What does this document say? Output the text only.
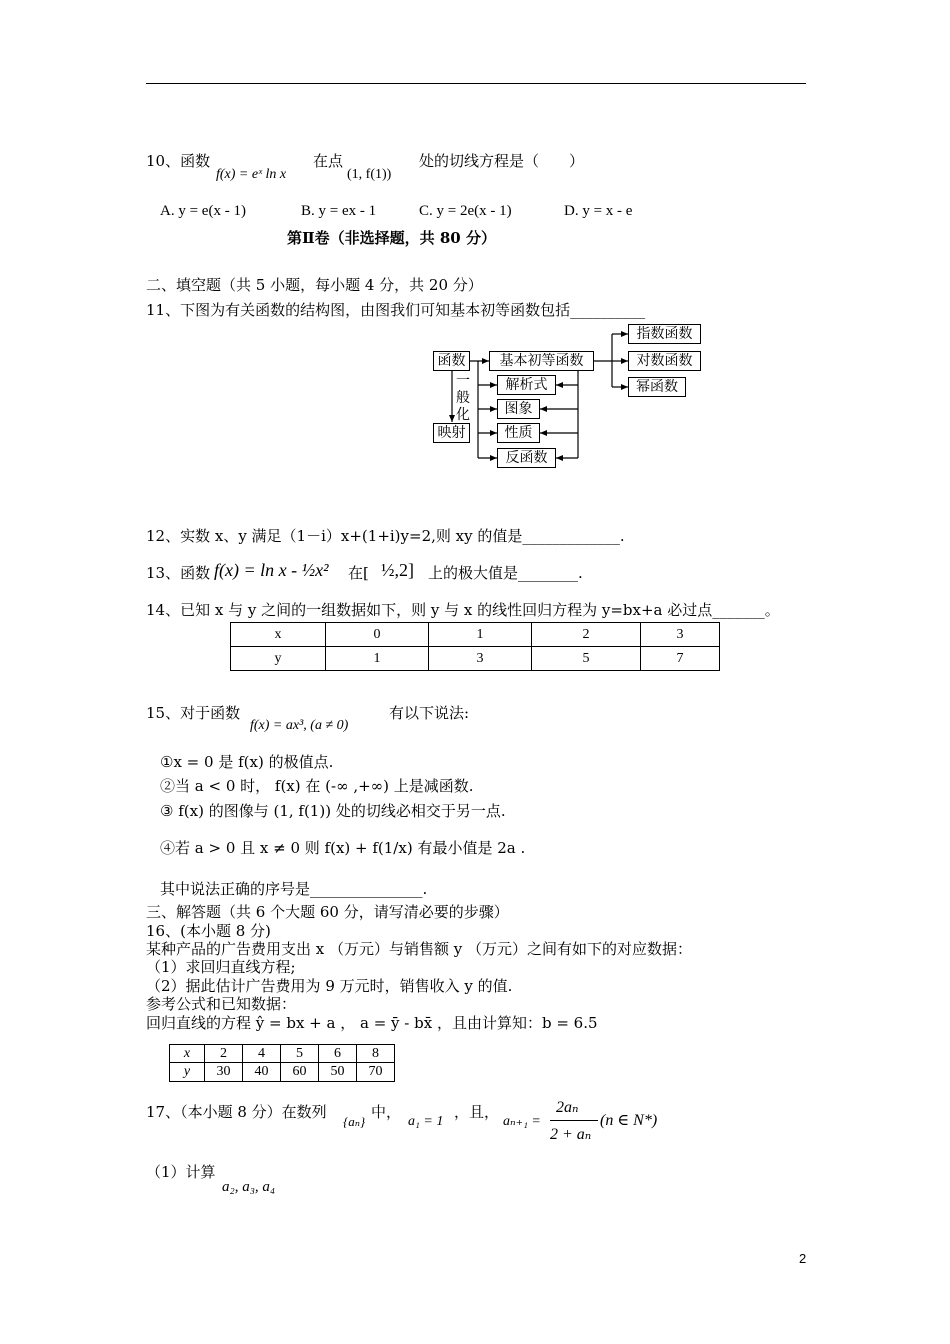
10、函数
f(x) = eˣ ln x
在点
(1, f(1))
处的切线方程是（　　）
A. y = e(x - 1)	B. y = ex - 1	C. y = 2e(x - 1)	D. y = x - e
第Ⅱ卷（非选择题，共 80 分）
二、填空题（共 5 小题，每小题 4 分，共 20 分）
11、下图为有关函数的结构图，由图我们可知基本初等函数包括__________
函数	基本初等函数
一般化
映射
解析式
图象
性质
反函数
指数函数
对数函数
幂函数
12、实数 x、y 满足（1－i）x+(1+i)y=2,则 xy 的值是_____________.
13、函数 f(x) = ln x - ½x² 在[ ½,2] 上的极大值是________.
14、已知 x 与 y 之间的一组数据如下，则 y 与 x 的线性回归方程为 y=bx+a 必过点_______。
x	0	1	2	3
y	1	3	5	7
15、对于函数
f(x) = ax³, (a ≠ 0)
有以下说法:
①x = 0 是 f(x) 的极值点.
②当 a < 0 时， f(x) 在 (-∞ ,+∞) 上是减函数.
③ f(x) 的图像与 (1, f(1)) 处的切线必相交于另一点.
④若 a > 0 且 x ≠ 0 则 f(x) + f(1/x) 有最小值是 2a .
其中说法正确的序号是_______________.
三、解答题（共 6 个大题 60 分，请写清必要的步骤）
16、(本小题 8 分)
某种产品的广告费用支出 x （万元）与销售额 y （万元）之间有如下的对应数据：
（1）求回归直线方程;
（2）据此估计广告费用为 9 万元时，销售收入 y 的值.
参考公式和已知数据：
回归直线的方程 ŷ = bx + a ， a = ȳ - bx̄ ，且由计算知：b = 6.5
x	2	4	5	6	8
y	30	40	60	50	70
17、（本小题 8 分）在数列
{aₙ}
中，
a₁ = 1
，且，
aₙ₊₁ =
2aₙ
2 + aₙ
(n ∈ N*)
（1）计算
a₂, a₃, a₄
2
